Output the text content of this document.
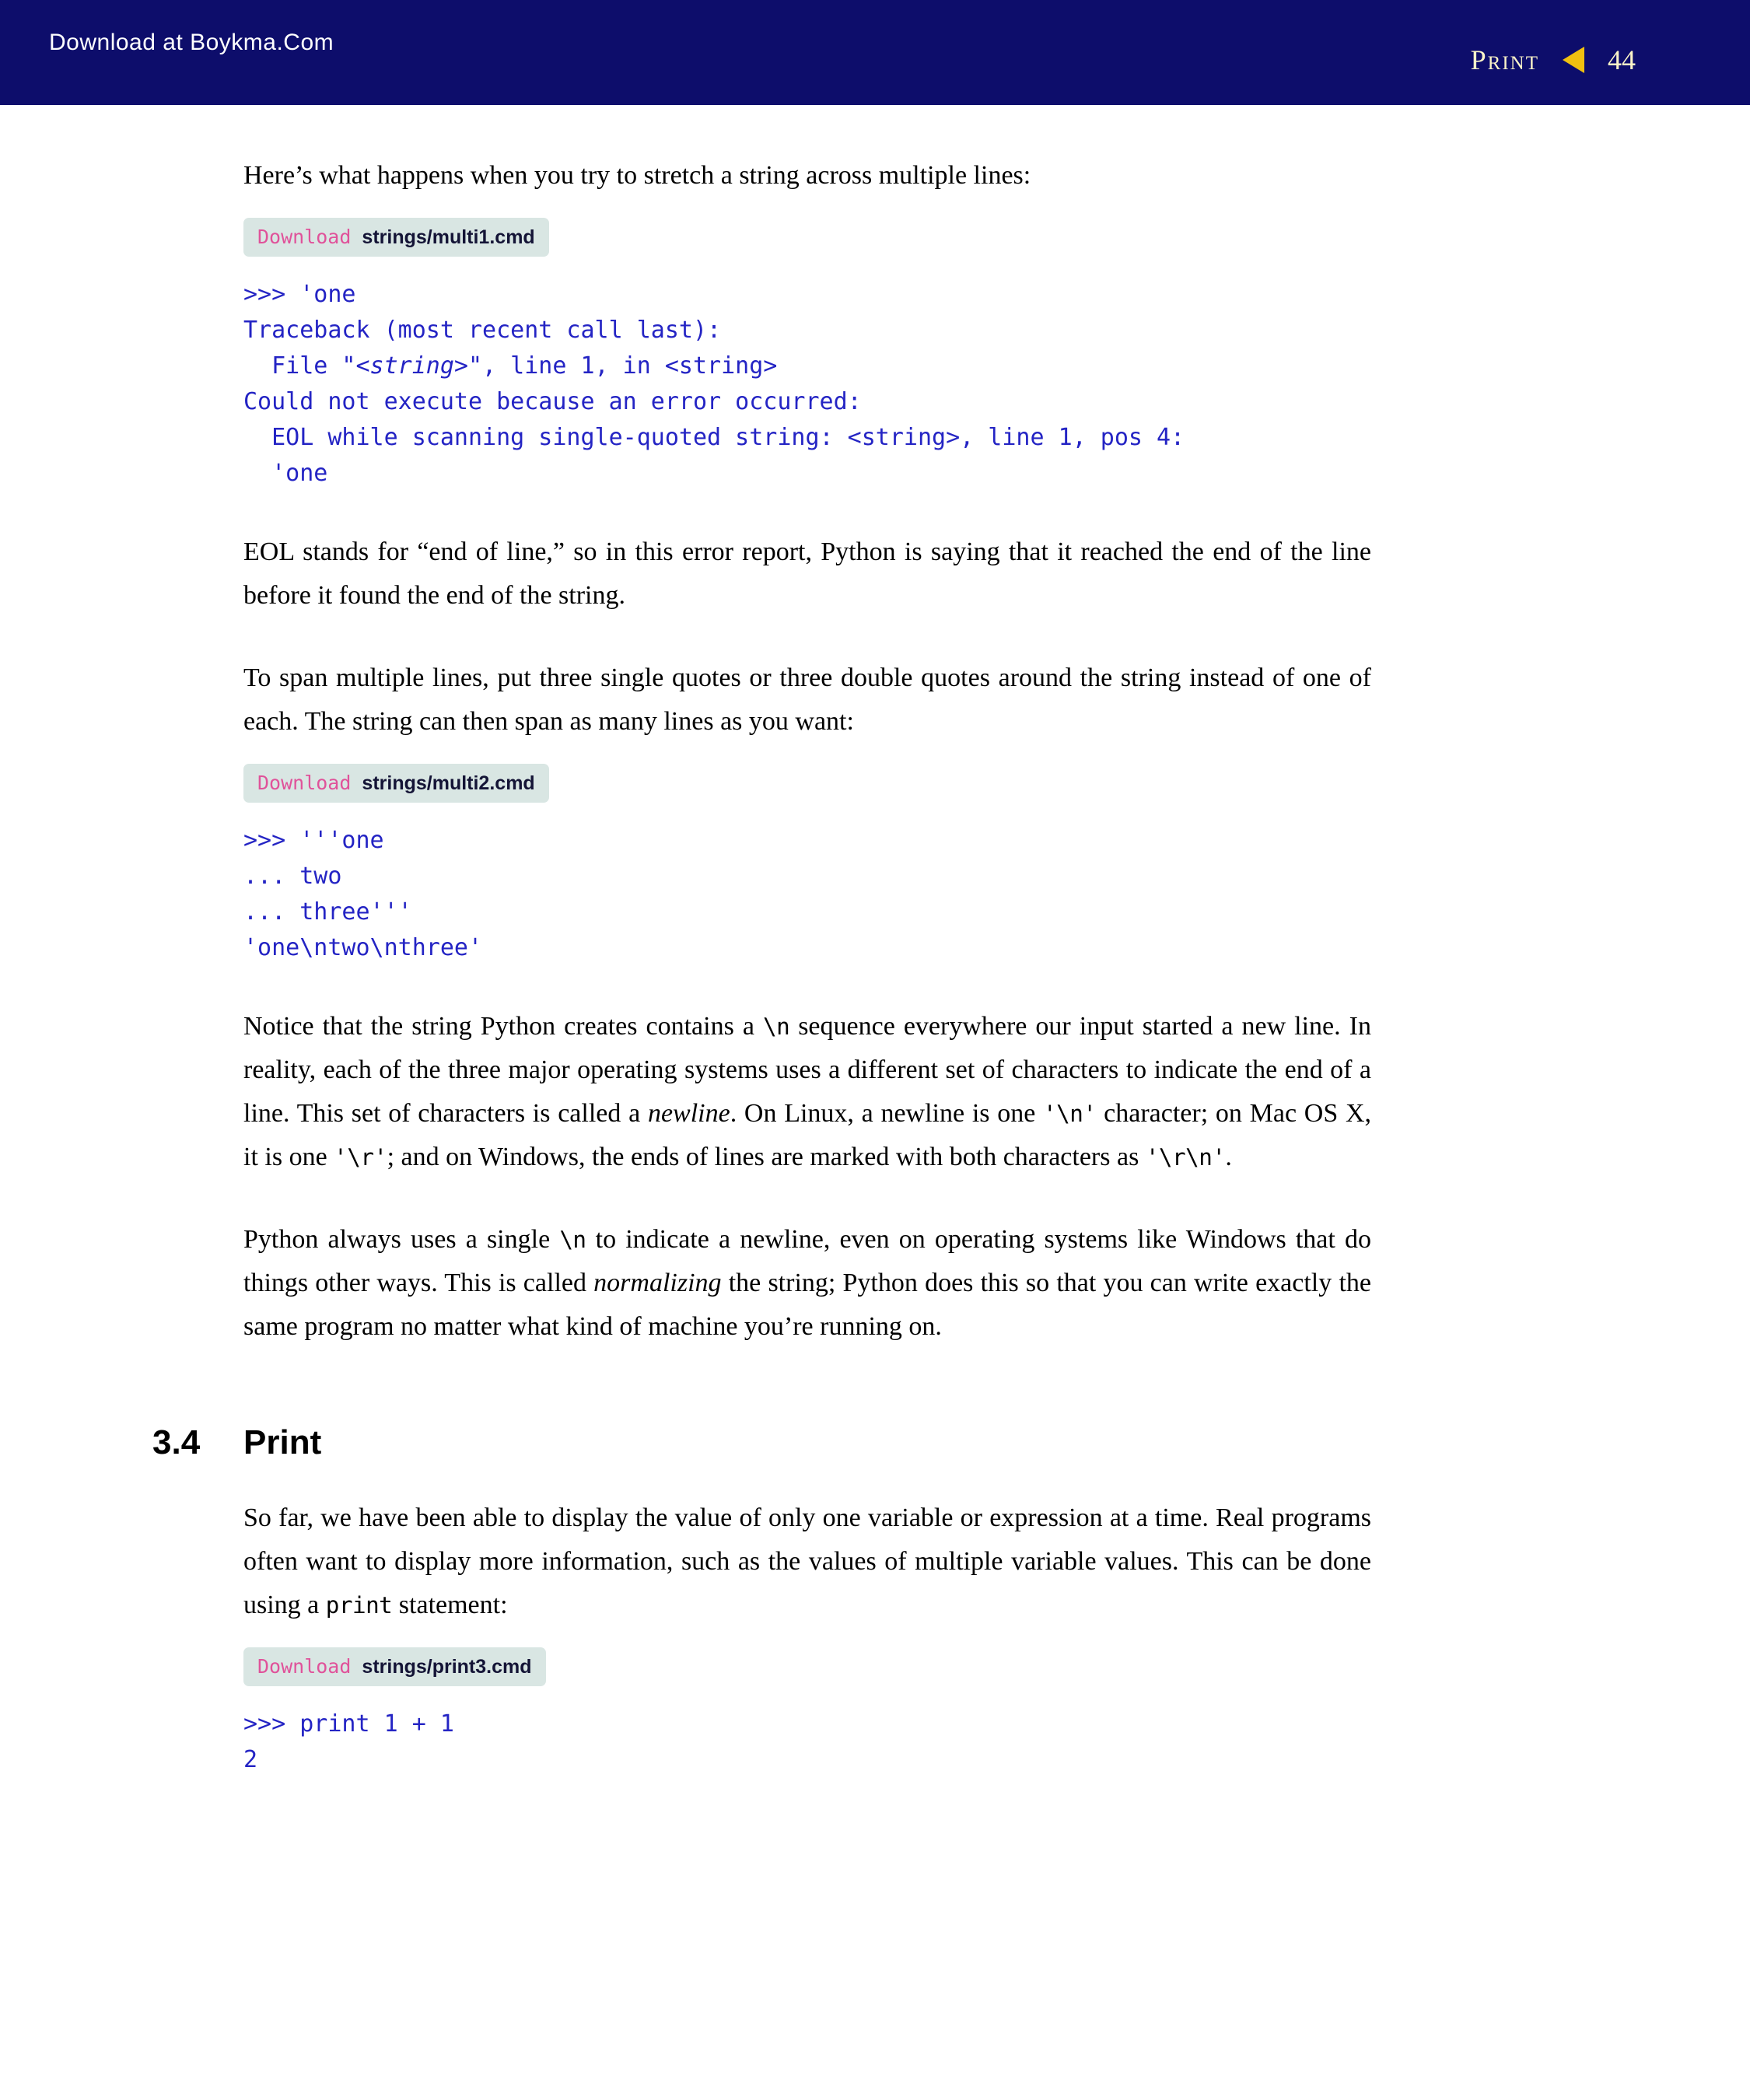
Download at Boykma.Com
Print 44

Here’s what happens when you try to stretch a string across multiple lines:

Download strings/multi1.cmd
>>> 'one
Traceback (most recent call last):
File "<string>", line 1, in <string>
Could not execute because an error occurred:
EOL while scanning single-quoted string: <string>, line 1, pos 4:
'one

EOL stands for “end of line,” so in this error report, Python is saying that it reached the end of the line before it found the end of the string.

To span multiple lines, put three single quotes or three double quotes around the string instead of one of each. The string can then span as many lines as you want:

Download strings/multi2.cmd
>>> '''one
... two
... three'''
'one\ntwo\nthree'

Notice that the string Python creates contains a \n sequence everywhere our input started a new line. In reality, each of the three major operating systems uses a different set of characters to indicate the end of a line. This set of characters is called a newline. On Linux, a newline is one '\n' character; on Mac OS X, it is one '\r'; and on Windows, the ends of lines are marked with both characters as '\r\n'.

Python always uses a single \n to indicate a newline, even on operating systems like Windows that do things other ways. This is called normalizing the string; Python does this so that you can write exactly the same program no matter what kind of machine you’re running on.

3.4	Print

So far, we have been able to display the value of only one variable or expression at a time. Real programs often want to display more information, such as the values of multiple variable values. This can be done using a print statement:

Download strings/print3.cmd
>>> print 1 + 1
2
